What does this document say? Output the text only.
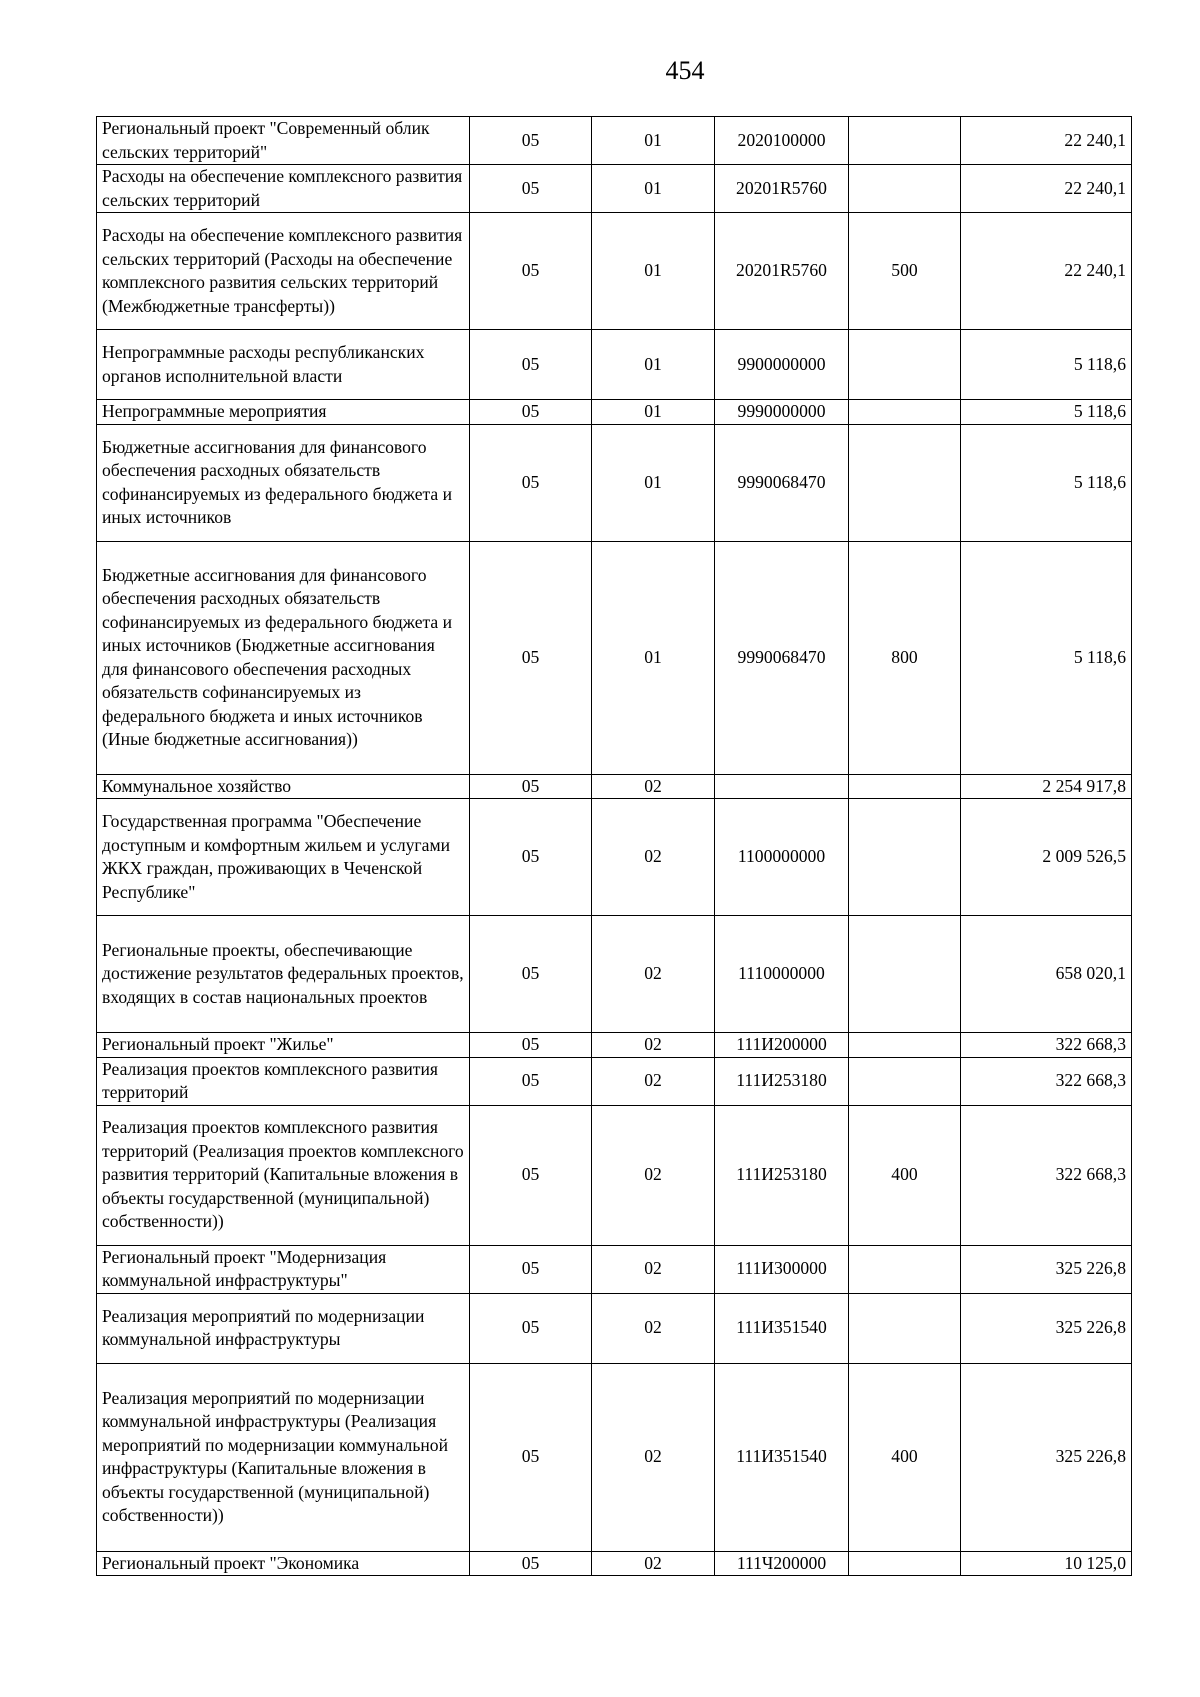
454
Региональный проект "Современный облик сельских территорий"	05	01	2020100000		22 240,1
Расходы на обеспечение комплексного развития сельских территорий	05	01	20201R5760		22 240,1
Расходы на обеспечение комплексного развития сельских территорий (Расходы на обеспечение комплексного развития сельских территорий (Межбюджетные трансферты))	05	01	20201R5760	500	22 240,1
Непрограммные расходы республиканских органов исполнительной власти	05	01	9900000000		5 118,6
Непрограммные мероприятия	05	01	9990000000		5 118,6
Бюджетные ассигнования для финансового обеспечения расходных обязательств софинансируемых из федерального бюджета и иных источников	05	01	9990068470		5 118,6
Бюджетные ассигнования для финансового обеспечения расходных обязательств софинансируемых из федерального бюджета и иных источников (Бюджетные ассигнования для финансового обеспечения расходных обязательств софинансируемых из федерального бюджета и иных источников (Иные бюджетные ассигнования))	05	01	9990068470	800	5 118,6
Коммунальное хозяйство	05	02			2 254 917,8
Государственная программа "Обеспечение доступным и комфортным жильем и услугами ЖКХ граждан, проживающих в Чеченской Республике"	05	02	1100000000		2 009 526,5
Региональные проекты, обеспечивающие достижение результатов федеральных проектов, входящих в состав национальных проектов	05	02	1110000000		658 020,1
Региональный проект "Жилье"	05	02	111И200000		322 668,3
Реализация проектов комплексного развития территорий	05	02	111И253180		322 668,3
Реализация проектов комплексного развития территорий (Реализация проектов комплексного развития территорий (Капитальные вложения в объекты государственной (муниципальной) собственности))	05	02	111И253180	400	322 668,3
Региональный проект "Модернизация коммунальной инфраструктуры"	05	02	111И300000		325 226,8
Реализация мероприятий по модернизации коммунальной инфраструктуры	05	02	111И351540		325 226,8
Реализация мероприятий по модернизации коммунальной инфраструктуры (Реализация мероприятий по модернизации коммунальной инфраструктуры (Капитальные вложения в объекты государственной (муниципальной) собственности))	05	02	111И351540	400	325 226,8
Региональный проект "Экономика	05	02	111Ч200000		10 125,0
